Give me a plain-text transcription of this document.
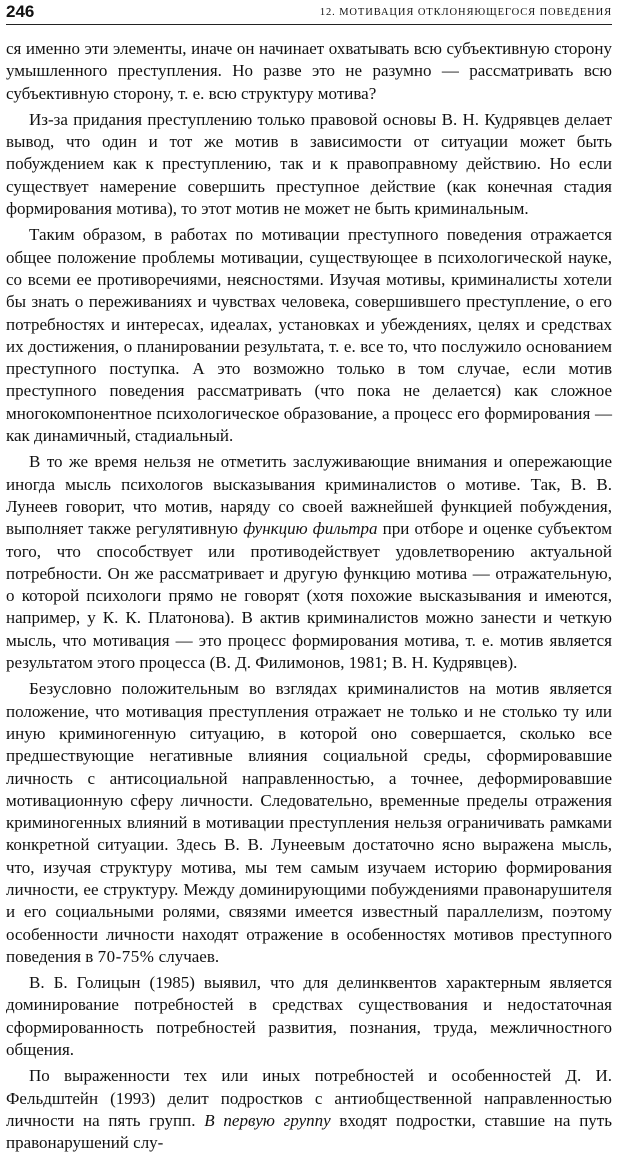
246	12. МОТИВАЦИЯ ОТКЛОНЯЮЩЕГОСЯ ПОВЕДЕНИЯ

ся именно эти элементы, иначе он начинает охватывать всю субъективную сторону умышленного преступления. Но разве это не разумно — рассматривать всю субъективную сторону, т. е. всю структуру мотива?

Из-за придания преступлению только правовой основы В. Н. Кудрявцев делает вывод, что один и тот же мотив в зависимости от ситуации может быть побуждением как к преступлению, так и к правоправному действию. Но если существует намерение совершить преступное действие (как конечная стадия формирования мотива), то этот мотив не может не быть криминальным.

Таким образом, в работах по мотивации преступного поведения отражается общее положение проблемы мотивации, существующее в психологической науке, со всеми ее противоречиями, неясностями. Изучая мотивы, криминалисты хотели бы знать о переживаниях и чувствах человека, совершившего преступление, о его потребностях и интересах, идеалах, установках и убеждениях, целях и средствах их достижения, о планировании результата, т. е. все то, что послужило основанием преступного поступка. А это возможно только в том случае, если мотив преступного поведения рассматривать (что пока не делается) как сложное многокомпонентное психологическое образование, а процесс его формирования — как динамичный, стадиальный.

В то же время нельзя не отметить заслуживающие внимания и опережающие иногда мысль психологов высказывания криминалистов о мотиве. Так, В. В. Лунеев говорит, что мотив, наряду со своей важнейшей функцией побуждения, выполняет также регулятивную функцию фильтра при отборе и оценке субъектом того, что способствует или противодействует удовлетворению актуальной потребности. Он же рассматривает и другую функцию мотива — отражательную, о которой психологи прямо не говорят (хотя похожие высказывания и имеются, например, у К. К. Платонова). В актив криминалистов можно занести и четкую мысль, что мотивация — это процесс формирования мотива, т. е. мотив является результатом этого процесса (В. Д. Филимонов, 1981; В. Н. Кудрявцев).

Безусловно положительным во взглядах криминалистов на мотив является положение, что мотивация преступления отражает не только и не столько ту или иную криминогенную ситуацию, в которой оно совершается, сколько все предшествующие негативные влияния социальной среды, сформировавшие личность с антисоциальной направленностью, а точнее, деформировавшие мотивационную сферу личности. Следовательно, временные пределы отражения криминогенных влияний в мотивации преступления нельзя ограничивать рамками конкретной ситуации. Здесь В. В. Лунеевым достаточно ясно выражена мысль, что, изучая структуру мотива, мы тем самым изучаем историю формирования личности, ее структуру. Между доминирующими побуждениями правонарушителя и его социальными ролями, связями имеется известный параллелизм, поэтому особенности личности находят отражение в особенностях мотивов преступного поведения в 70-75% случаев.

В. Б. Голицын (1985) выявил, что для делинквентов характерным является доминирование потребностей в средствах существования и недостаточная сформированность потребностей развития, познания, труда, межличностного общения.

По выраженности тех или иных потребностей и особенностей Д. И. Фельдштейн (1993) делит подростков с антиобщественной направленностью личности на пять групп. В первую группу входят подростки, ставшие на путь правонарушений слу-
